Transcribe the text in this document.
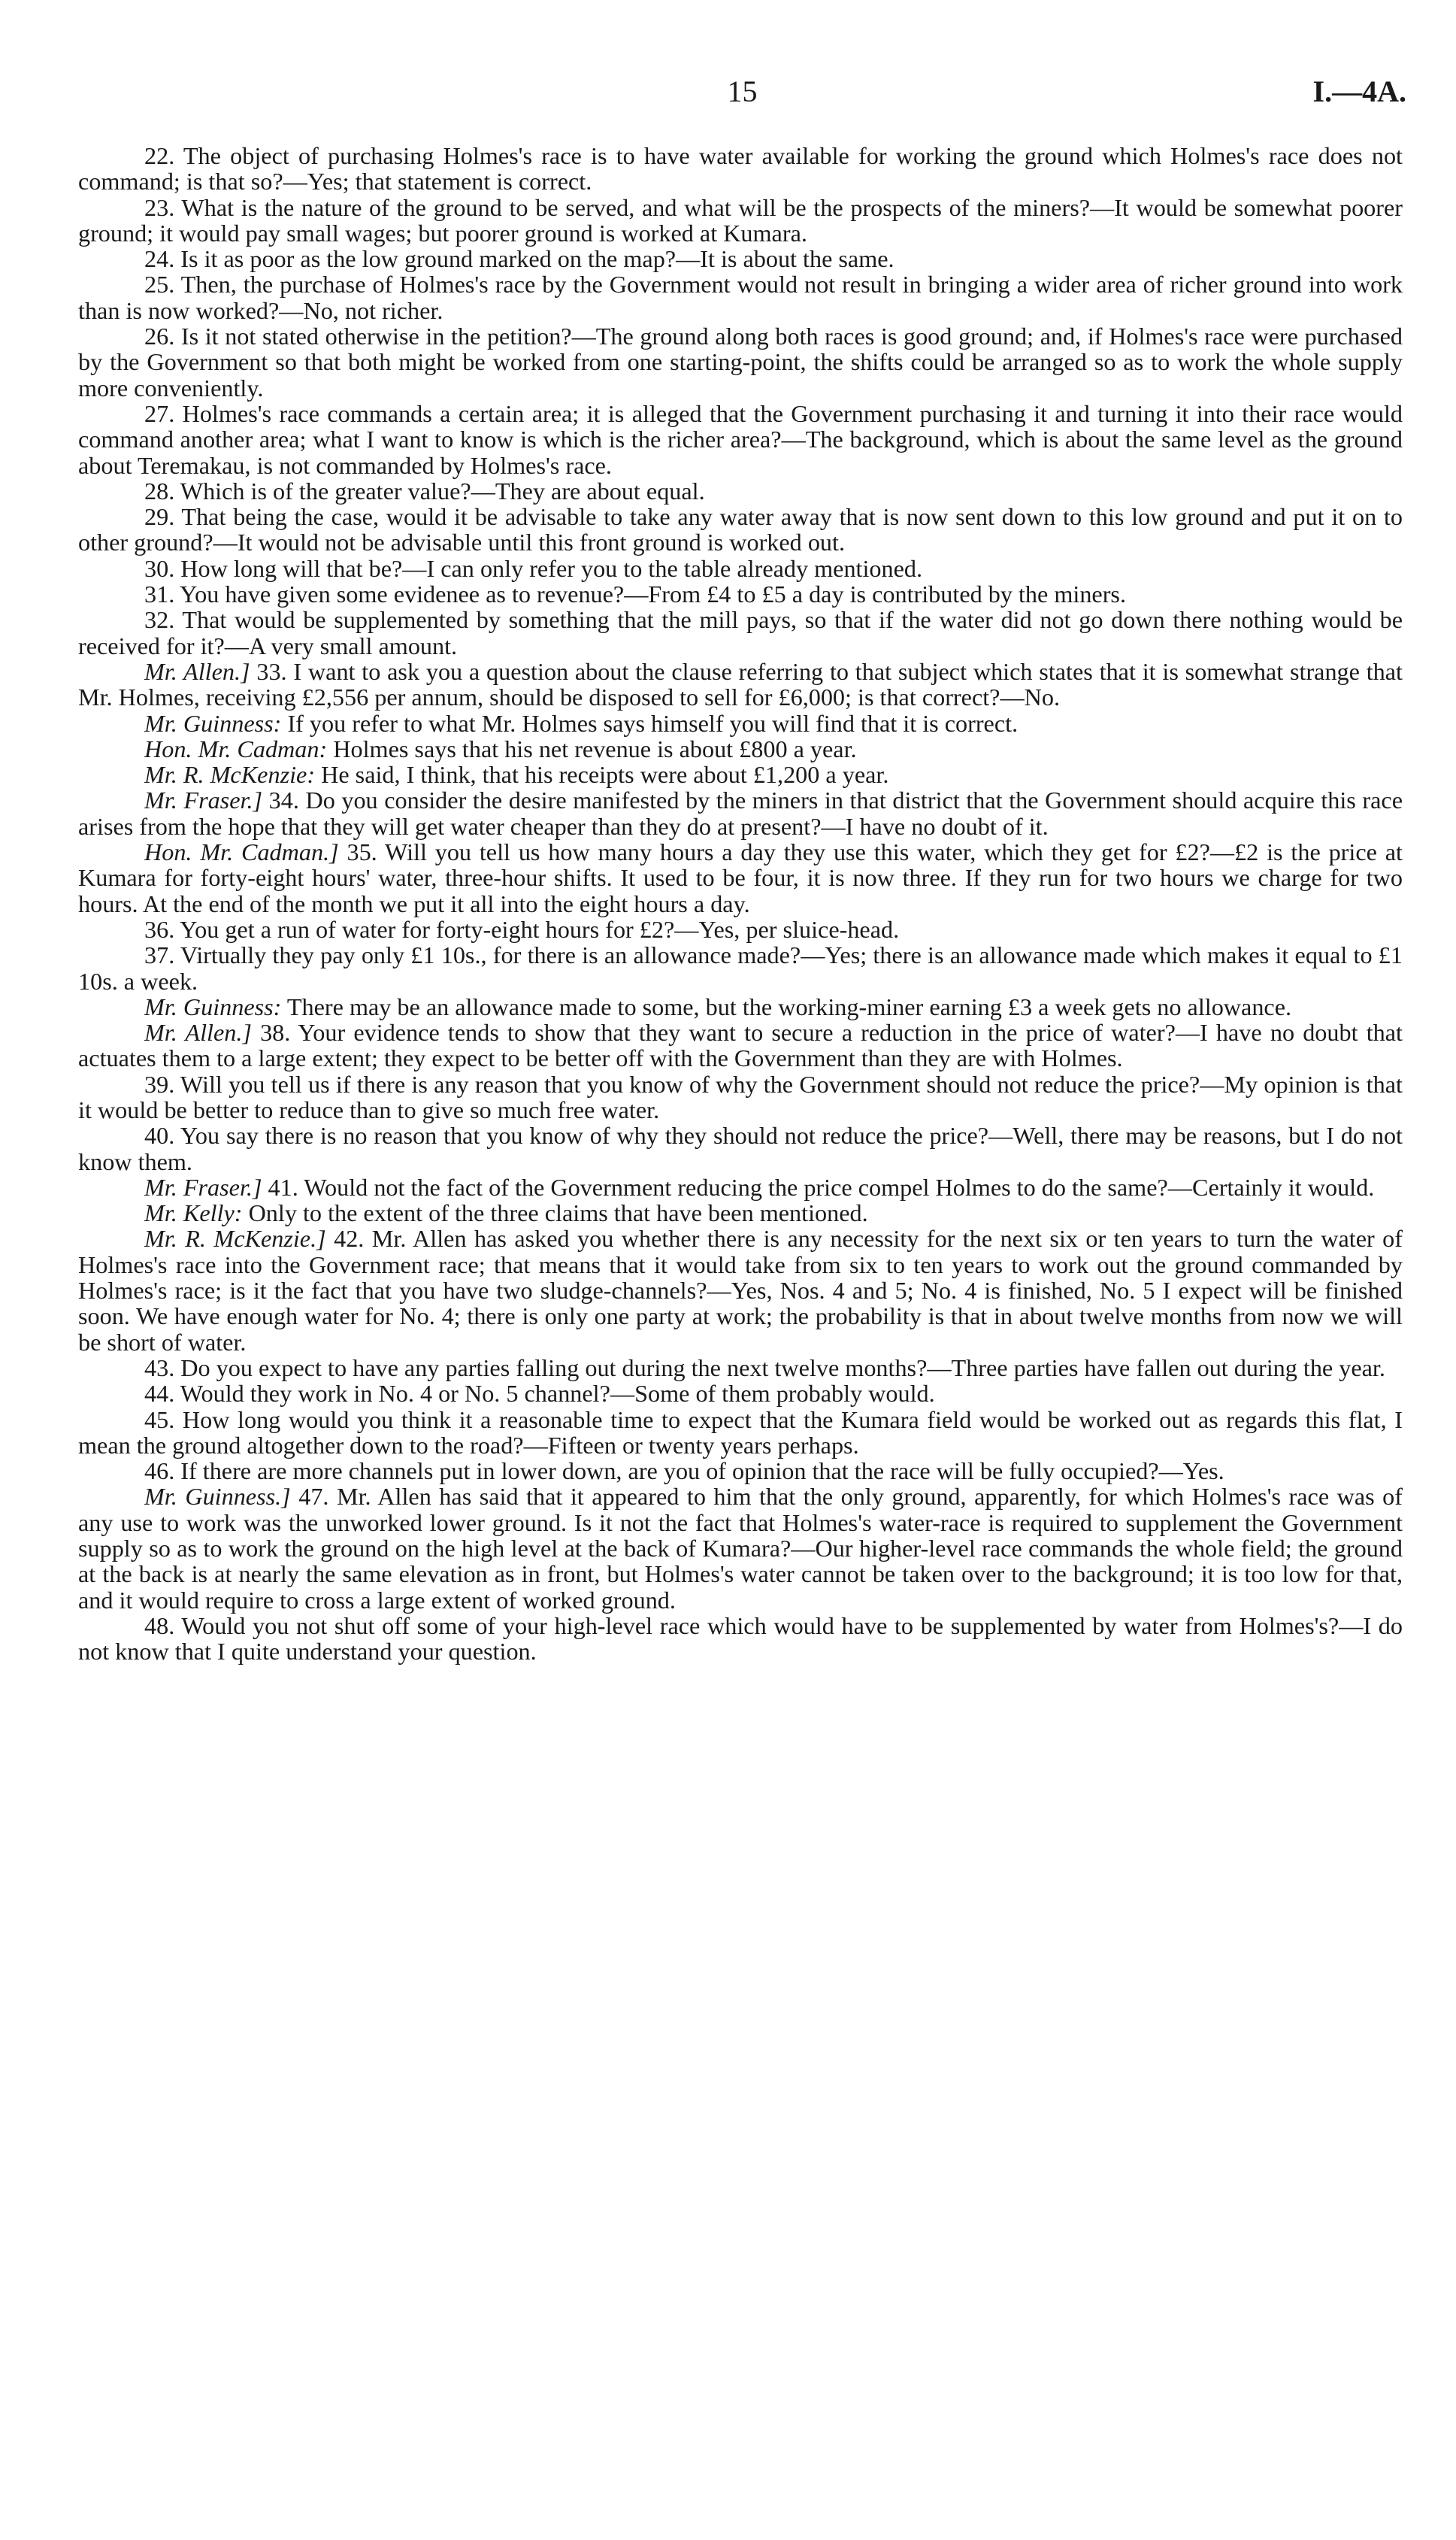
15	I.—4A.

22. The object of purchasing Holmes's race is to have water available for working the ground which Holmes's race does not command; is that so?—Yes; that statement is correct.

23. What is the nature of the ground to be served, and what will be the prospects of the miners?—It would be somewhat poorer ground; it would pay small wages; but poorer ground is worked at Kumara.

24. Is it as poor as the low ground marked on the map?—It is about the same.

25. Then, the purchase of Holmes's race by the Government would not result in bringing a wider area of richer ground into work than is now worked?—No, not richer.

26. Is it not stated otherwise in the petition?—The ground along both races is good ground; and, if Holmes's race were purchased by the Government so that both might be worked from one starting-point, the shifts could be arranged so as to work the whole supply more conveniently.

27. Holmes's race commands a certain area; it is alleged that the Government purchasing it and turning it into their race would command another area; what I want to know is which is the richer area?—The background, which is about the same level as the ground about Teremakau, is not commanded by Holmes's race.

28. Which is of the greater value?—They are about equal.

29. That being the case, would it be advisable to take any water away that is now sent down to this low ground and put it on to other ground?—It would not be advisable until this front ground is worked out.

30. How long will that be?—I can only refer you to the table already mentioned.

31. You have given some evidenee as to revenue?—From £4 to £5 a day is contributed by the miners.

32. That would be supplemented by something that the mill pays, so that if the water did not go down there nothing would be received for it?—A very small amount.

Mr. Allen.] 33. I want to ask you a question about the clause referring to that subject which states that it is somewhat strange that Mr. Holmes, receiving £2,556 per annum, should be disposed to sell for £6,000; is that correct?—No.

Mr. Guinness: If you refer to what Mr. Holmes says himself you will find that it is correct.

Hon. Mr. Cadman: Holmes says that his net revenue is about £800 a year.

Mr. R. McKenzie: He said, I think, that his receipts were about £1,200 a year.

Mr. Fraser.] 34. Do you consider the desire manifested by the miners in that district that the Government should acquire this race arises from the hope that they will get water cheaper than they do at present?—I have no doubt of it.

Hon. Mr. Cadman.] 35. Will you tell us how many hours a day they use this water, which they get for £2?—£2 is the price at Kumara for forty-eight hours' water, three-hour shifts. It used to be four, it is now three. If they run for two hours we charge for two hours. At the end of the month we put it all into the eight hours a day.

36. You get a run of water for forty-eight hours for £2?—Yes, per sluice-head.

37. Virtually they pay only £1 10s., for there is an allowance made?—Yes; there is an allowance made which makes it equal to £1 10s. a week.

Mr. Guinness: There may be an allowance made to some, but the working-miner earning £3 a week gets no allowance.

Mr. Allen.] 38. Your evidence tends to show that they want to secure a reduction in the price of water?—I have no doubt that actuates them to a large extent; they expect to be better off with the Government than they are with Holmes.

39. Will you tell us if there is any reason that you know of why the Government should not reduce the price?—My opinion is that it would be better to reduce than to give so much free water.

40. You say there is no reason that you know of why they should not reduce the price?—Well, there may be reasons, but I do not know them.

Mr. Fraser.] 41. Would not the fact of the Government reducing the price compel Holmes to do the same?—Certainly it would.

Mr. Kelly: Only to the extent of the three claims that have been mentioned.

Mr. R. McKenzie.] 42. Mr. Allen has asked you whether there is any necessity for the next six or ten years to turn the water of Holmes's race into the Government race; that means that it would take from six to ten years to work out the ground commanded by Holmes's race; is it the fact that you have two sludge-channels?—Yes, Nos. 4 and 5; No. 4 is finished, No. 5 I expect will be finished soon. We have enough water for No. 4; there is only one party at work; the probability is that in about twelve months from now we will be short of water.

43. Do you expect to have any parties falling out during the next twelve months?—Three parties have fallen out during the year.

44. Would they work in No. 4 or No. 5 channel?—Some of them probably would.

45. How long would you think it a reasonable time to expect that the Kumara field would be worked out as regards this flat, I mean the ground altogether down to the road?—Fifteen or twenty years perhaps.

46. If there are more channels put in lower down, are you of opinion that the race will be fully occupied?—Yes.

Mr. Guinness.] 47. Mr. Allen has said that it appeared to him that the only ground, apparently, for which Holmes's race was of any use to work was the unworked lower ground. Is it not the fact that Holmes's water-race is required to supplement the Government supply so as to work the ground on the high level at the back of Kumara?—Our higher-level race commands the whole field; the ground at the back is at nearly the same elevation as in front, but Holmes's water cannot be taken over to the background; it is too low for that, and it would require to cross a large extent of worked ground.

48. Would you not shut off some of your high-level race which would have to be supplemented by water from Holmes's?—I do not know that I quite understand your question.
